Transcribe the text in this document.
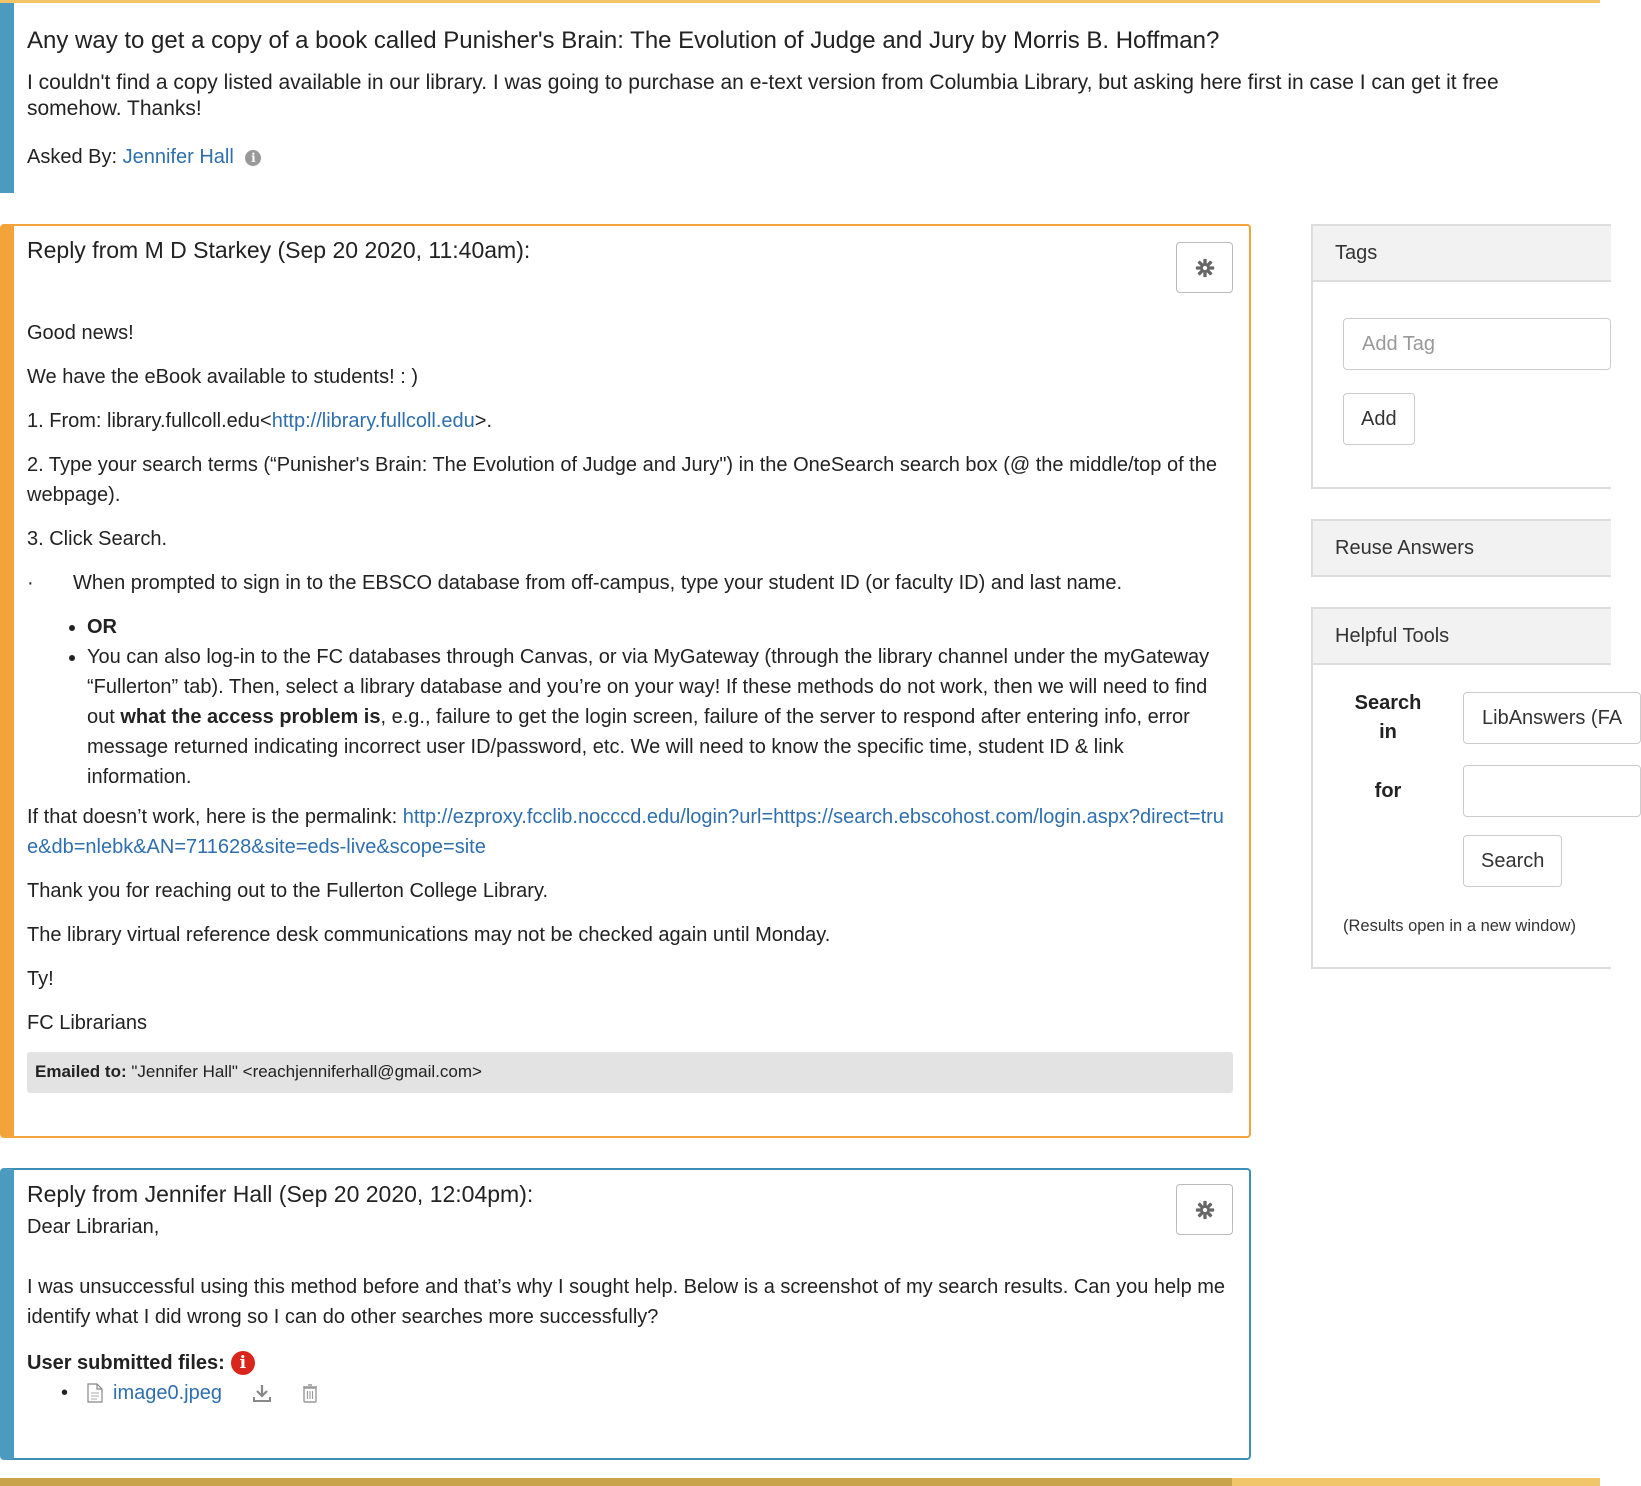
Any way to get a copy of a book called Punisher's Brain: The Evolution of Judge and Jury by Morris B. Hoffman?

I couldn't find a copy listed available in our library. I was going to purchase an e-text version from Columbia Library, but asking here first in case I can get it free somehow. Thanks!

Asked By: Jennifer Hall i
Reply from M D Starkey (Sep 20 2020, 11:40am):

Good news!

We have the eBook available to students! : )

1. From: library.fullcoll.edu<http://library.fullcoll.edu>.

2. Type your search terms (“Punisher's Brain: The Evolution of Judge and Jury") in the OneSearch search box (@ the middle/top of the webpage).

3. Click Search.

· When prompted to sign in to the EBSCO database from off-campus, type your student ID (or faculty ID) and last name.

• OR
• You can also log-in to the FC databases through Canvas, or via MyGateway (through the library channel under the myGateway “Fullerton” tab). Then, select a library database and you’re on your way! If these methods do not work, then we will need to find out what the access problem is, e.g., failure to get the login screen, failure of the server to respond after entering info, error message returned indicating incorrect user ID/password, etc. We will need to know the specific time, student ID & link information.

If that doesn’t work, here is the permalink: http://ezproxy.fcclib.nocccd.edu/login?url=https://search.ebscohost.com/login.aspx?direct=true&db=nlebk&AN=711628&site=eds-live&scope=site

Thank you for reaching out to the Fullerton College Library.

The library virtual reference desk communications may not be checked again until Monday.

Ty!

FC Librarians

Emailed to: "Jennifer Hall" <reachjenniferhall@gmail.com>
Reply from Jennifer Hall (Sep 20 2020, 12:04pm):

Dear Librarian,

I was unsuccessful using this method before and that’s why I sought help. Below is a screenshot of my search results. Can you help me identify what I did wrong so I can do other searches more successfully?

User submitted files: i
• image0.jpeg
Tags
Add Tag
Add
Reuse Answers
Helpful Tools
Search in
LibAnswers (FA
for
Search
(Results open in a new window)
